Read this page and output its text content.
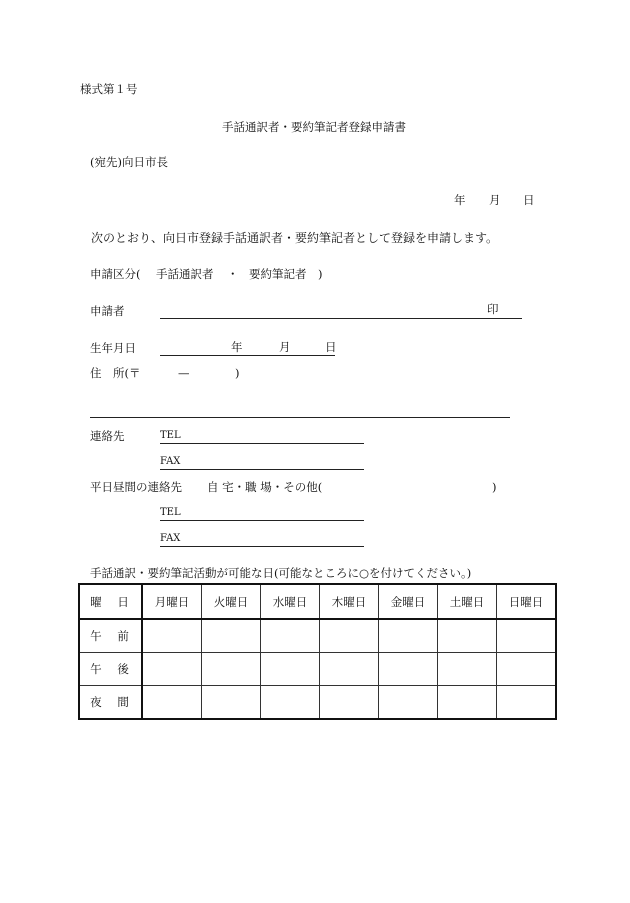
様式第１号
手話通訳者・要約筆記者登録申請書
(宛先)向日市長
年 月 日
次のとおり、向日市登録手話通訳者・要約筆記者として登録を申請します。
申請区分( 手話通訳者 ・ 要約筆記者 )
申請者	印
生年月日	年	月	日
住　所(〒	—	)
連絡先	TEL
FAX
平日昼間の連絡先 自 宅・職 場・その他(	)
TEL
FAX
手話通訳・要約筆記活動が可能な日(可能なところに○を付けてください。)
曜 日	月曜日	火曜日	水曜日	木曜日	金曜日	土曜日	日曜日
午 前							
午 後							
夜 間							
